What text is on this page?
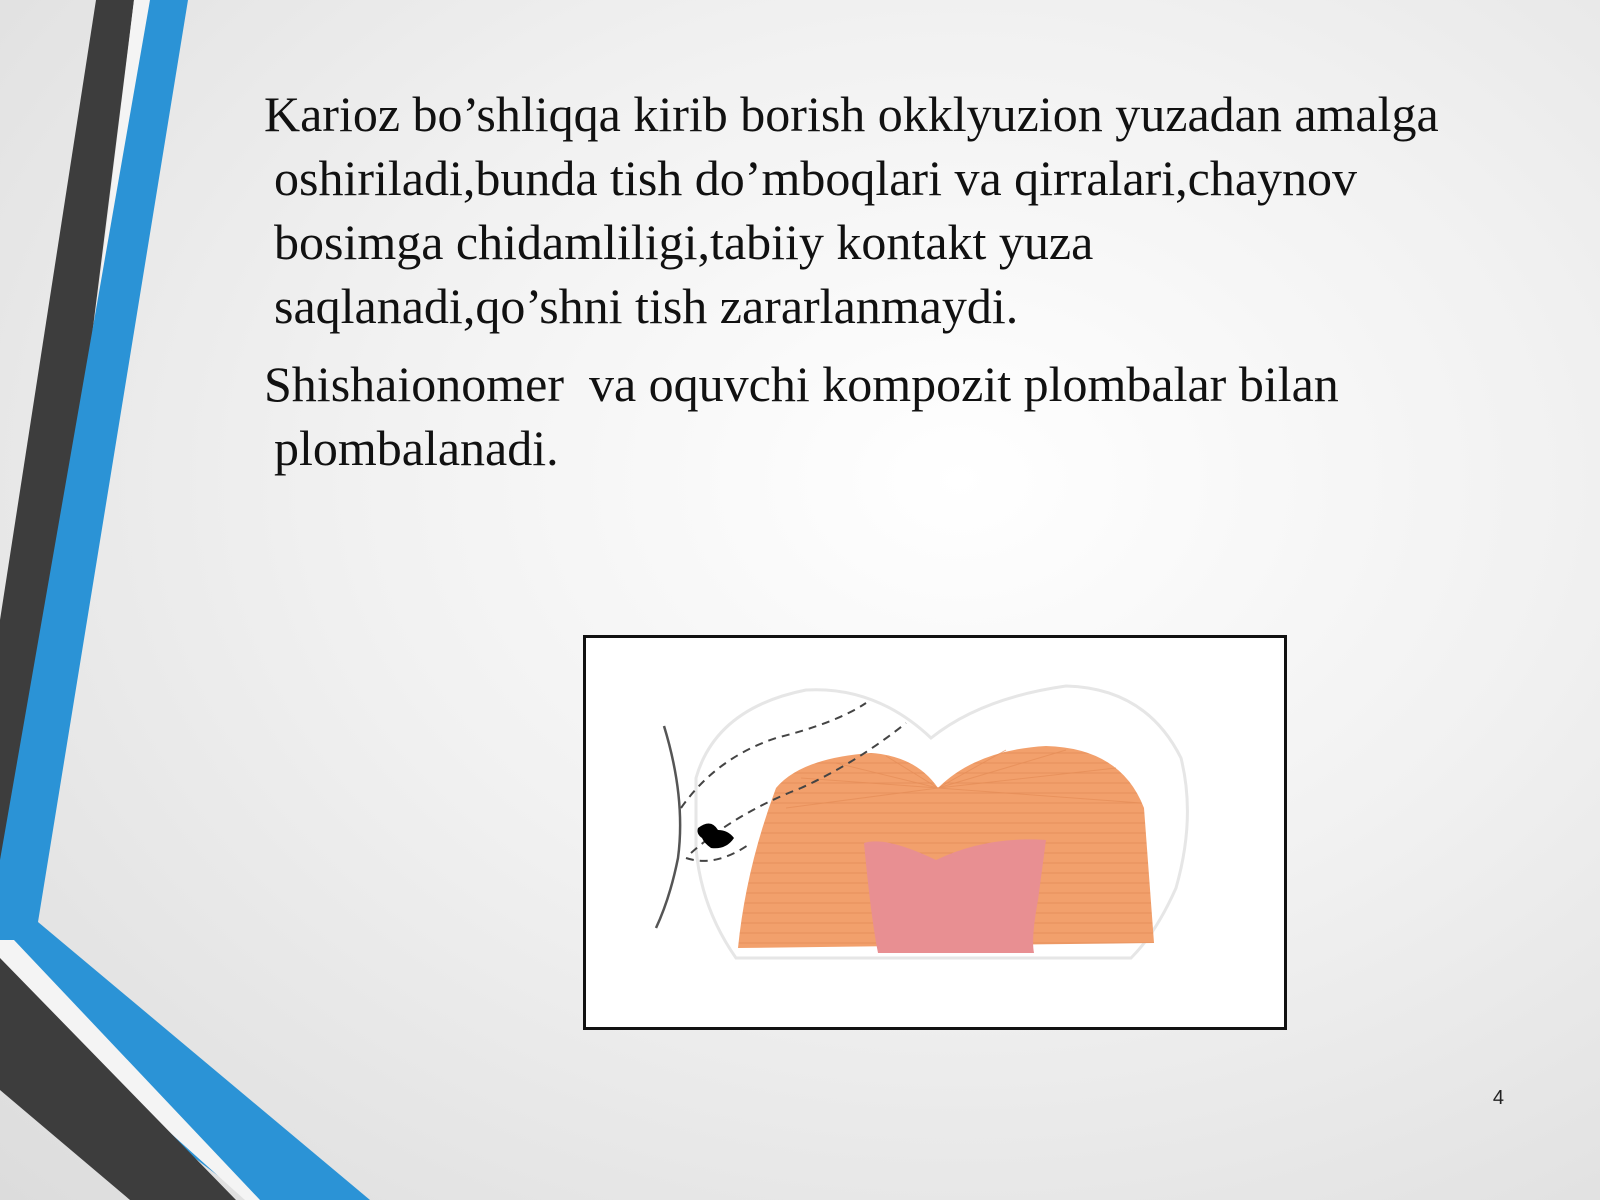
Karioz bo’shliqqa kirib borish okklyuzion yuzadan amalga oshiriladi,bunda tish do’mboqlari va qirralari,chaynov bosimga chidamliligi,tabiiy kontakt yuza saqlanadi,qo’shni tish zararlanmaydi.

Shishaionomer  va oquvchi kompozit plombalar bilan plombalanadi.

4
